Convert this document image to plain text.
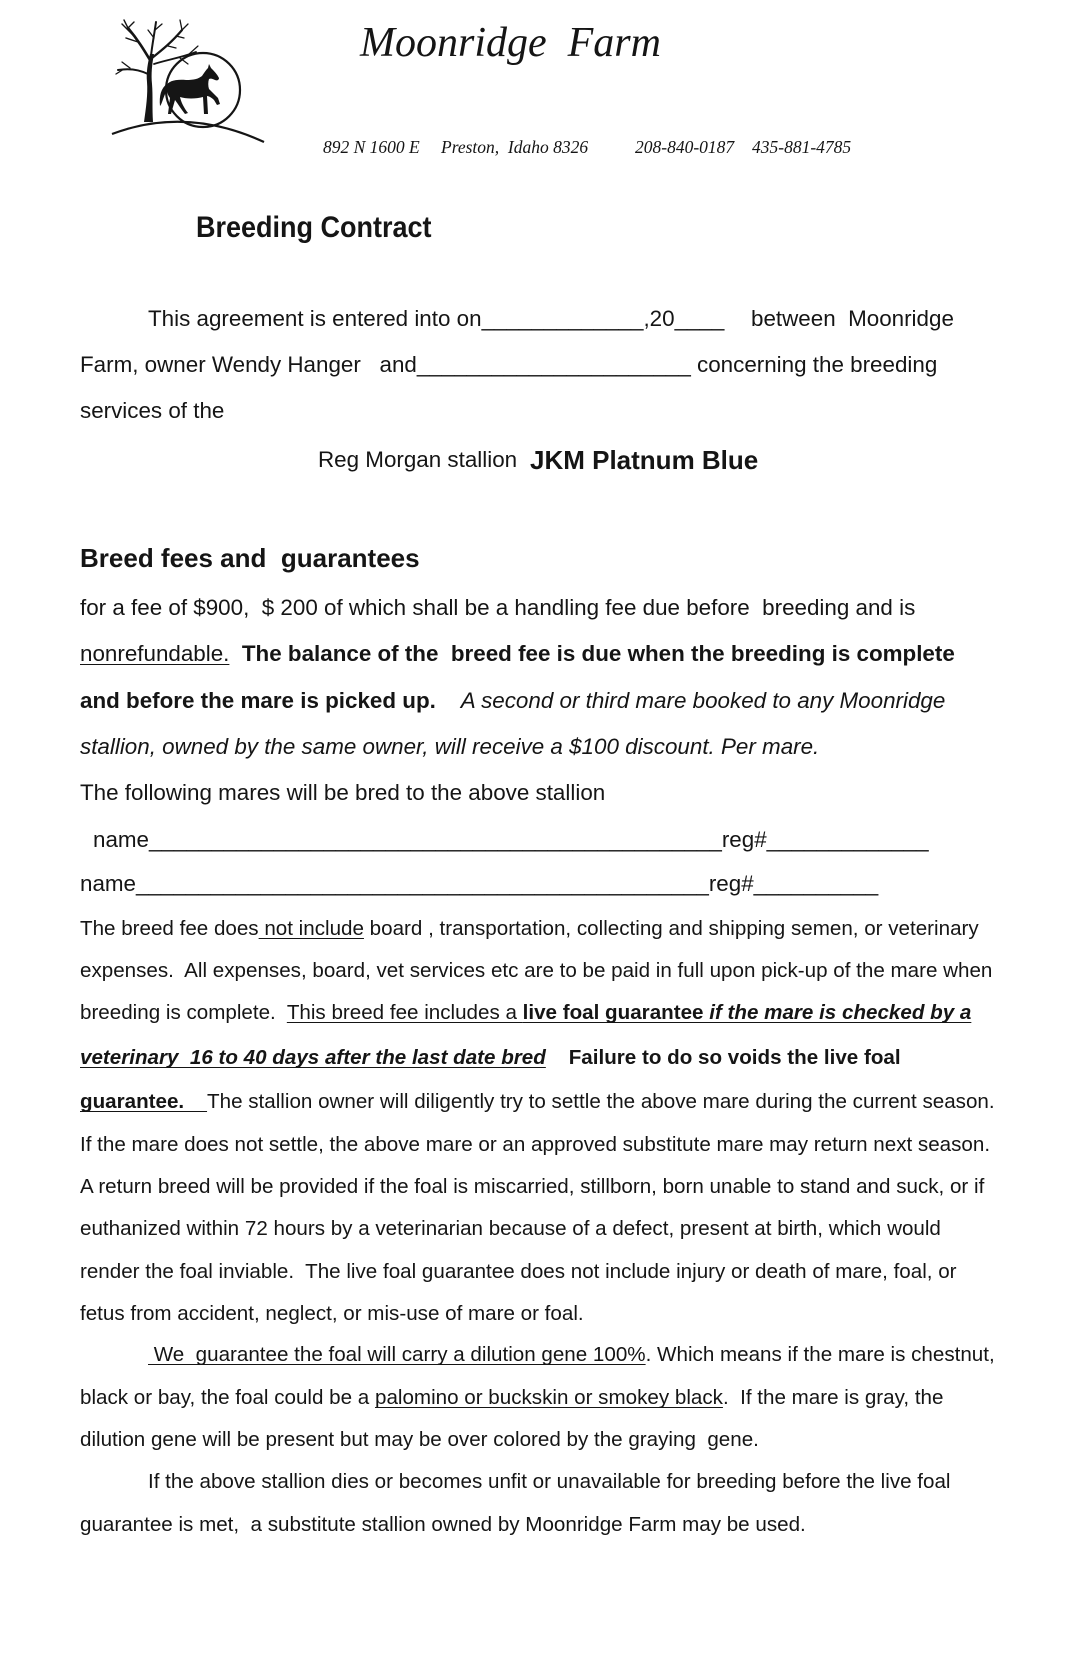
Moonridge  Farm
892 N 1600 E Preston,  Idaho 8326	208-840-0187 435-881-4785
Breeding Contract
This agreement is entered into on_____________,20____ between  Moonridge
Farm, owner Wendy Hanger   and______________________ concerning the breeding
services of the
Reg Morgan stallion JKM Platnum Blue
Breed fees and  guarantees
for a fee of $900,  $ 200 of which shall be a handling fee due before  breeding and is
nonrefundable. The balance of the  breed fee is due when the breeding is complete
and before the mare is picked up. A second or third mare booked to any Moonridge
stallion, owned by the same owner, will receive a $100 discount. Per mare.
The following mares will be bred to the above stallion
name______________________________________________reg#_____________
name______________________________________________reg#__________
The breed fee does not include board , transportation, collecting and shipping semen, or veterinary
expenses.  All expenses, board, vet services etc are to be paid in full upon pick-up of the mare when
breeding is complete.  This breed fee includes a live foal guarantee if the mare is checked by a
veterinary  16 to 40 days after the last date bred    Failure to do so voids the live foal
guarantee.    The stallion owner will diligently try to settle the above mare during the current season.
If the mare does not settle, the above mare or an approved substitute mare may return next season.
A return breed will be provided if the foal is miscarried, stillborn, born unable to stand and suck, or if
euthanized within 72 hours by a veterinarian because of a defect, present at birth, which would
render the foal inviable.  The live foal guarantee does not include injury or death of mare, foal, or
fetus from accident, neglect, or mis-use of mare or foal.
We  guarantee the foal will carry a dilution gene 100%. Which means if the mare is chestnut,
black or bay, the foal could be a palomino or buckskin or smokey black.  If the mare is gray, the
dilution gene will be present but may be over colored by the graying  gene.
If the above stallion dies or becomes unfit or unavailable for breeding before the live foal
guarantee is met,  a substitute stallion owned by Moonridge Farm may be used.
